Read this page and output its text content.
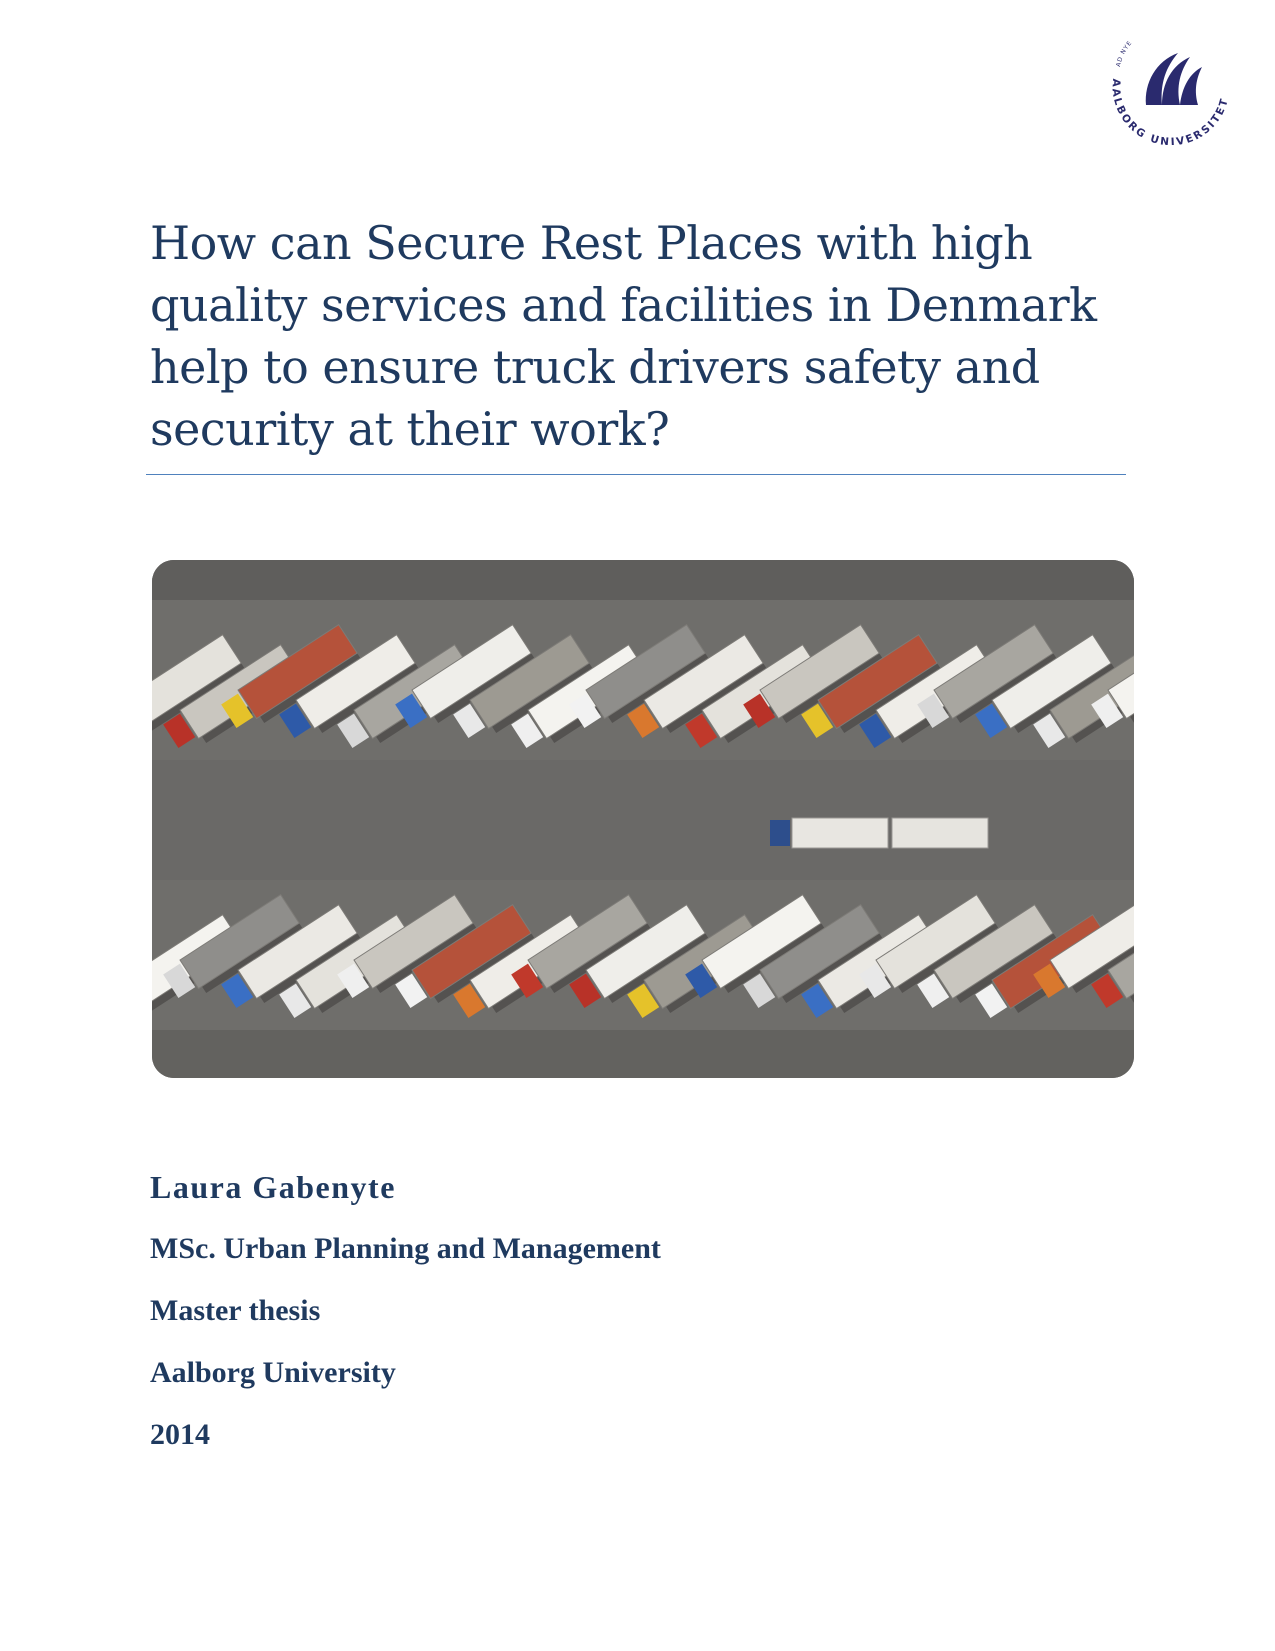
AALBORG UNIVERSITET
AD NYE
How can Secure Rest Places with high quality services and facilities in Denmark help to ensure truck drivers safety and security at their work?
Laura Gabenyte
MSc. Urban Planning and Management
Master thesis
Aalborg University
2014
